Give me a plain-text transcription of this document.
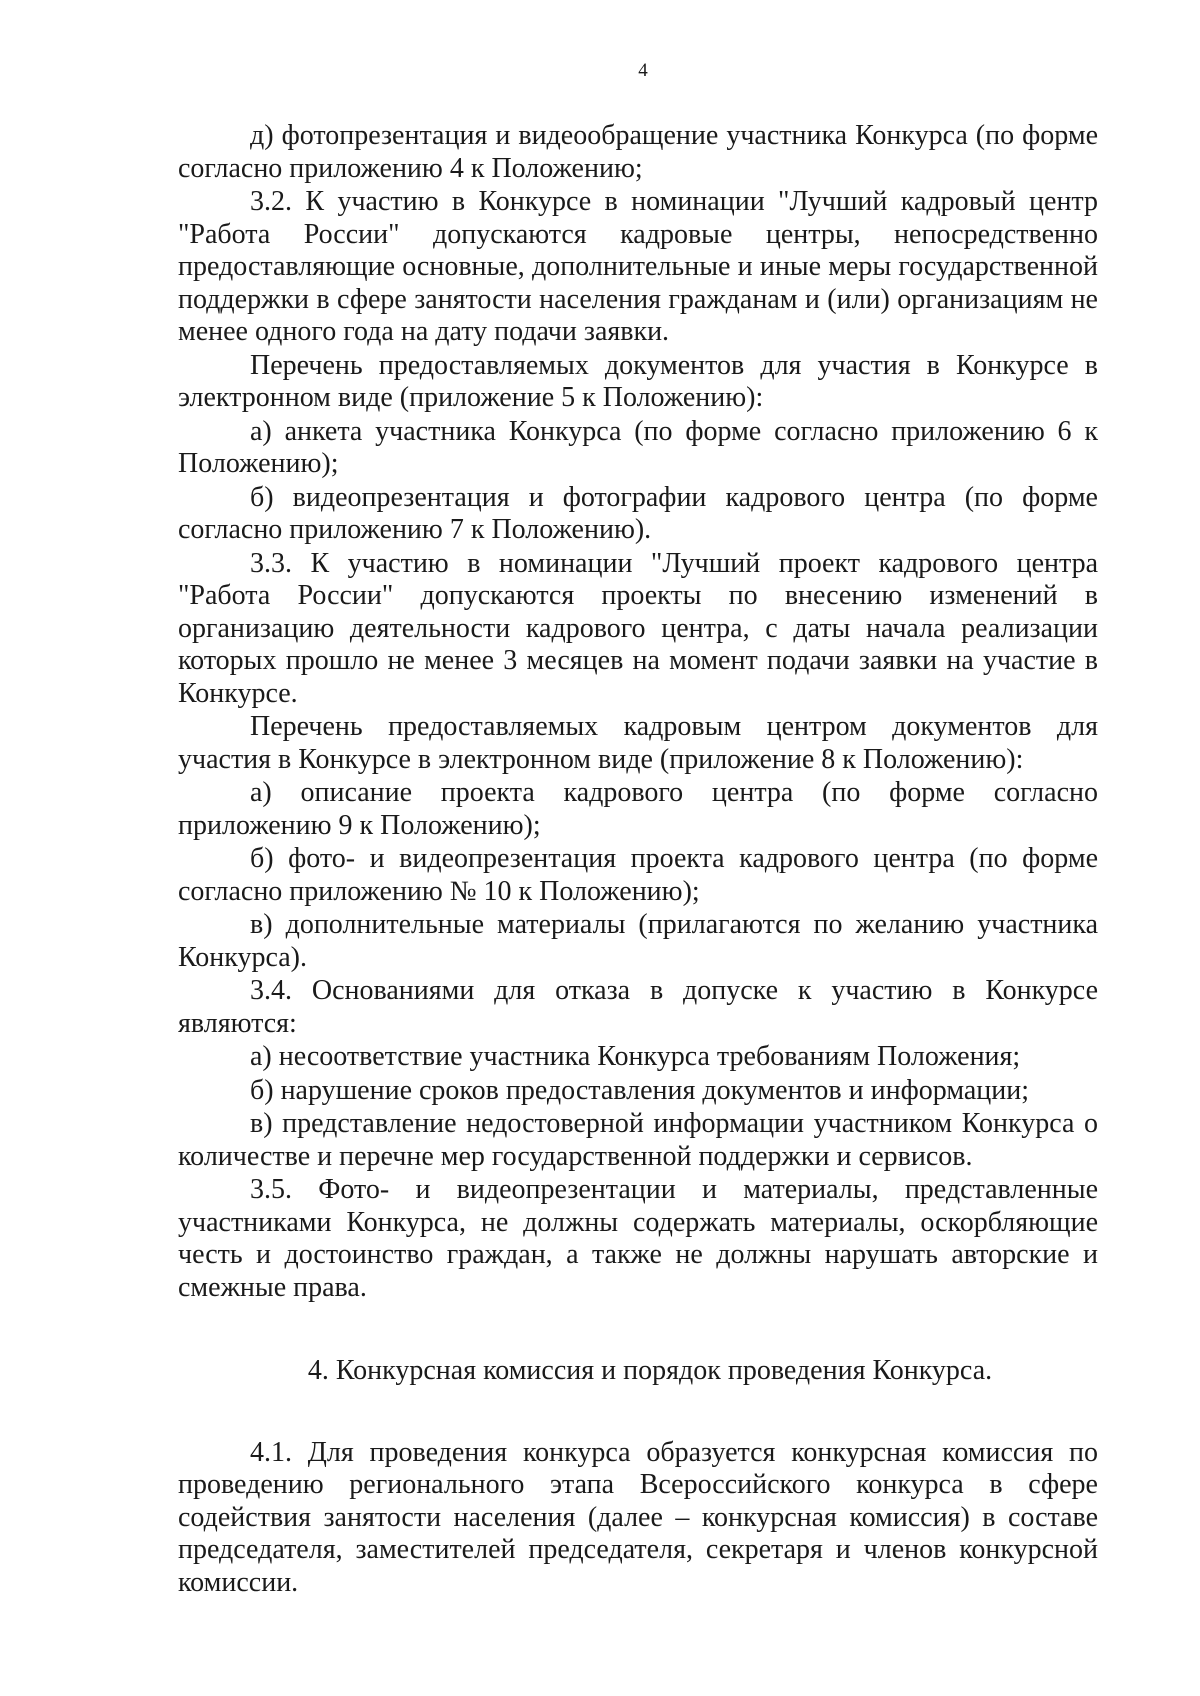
4

д) фотопрезентация и видеообращение участника Конкурса (по форме согласно приложению 4 к Положению;

3.2. К участию в Конкурсе в номинации "Лучший кадровый центр "Работа России" допускаются кадровые центры, непосредственно предоставляющие основные, дополнительные и иные меры государственной поддержки в сфере занятости населения гражданам и (или) организациям не менее одного года на дату подачи заявки.

Перечень предоставляемых документов для участия в Конкурсе в электронном виде (приложение 5 к Положению):

а) анкета участника Конкурса (по форме согласно приложению 6 к Положению);

б) видеопрезентация и фотографии кадрового центра (по форме согласно приложению 7 к Положению).

3.3. К участию в номинации "Лучший проект кадрового центра "Работа России" допускаются проекты по внесению изменений в организацию деятельности кадрового центра, с даты начала реализации которых прошло не менее 3 месяцев на момент подачи заявки на участие в Конкурсе.

Перечень предоставляемых кадровым центром документов для участия в Конкурсе в электронном виде (приложение 8 к Положению):

а) описание проекта кадрового центра (по форме согласно приложению 9 к Положению);

б) фото- и видеопрезентация проекта кадрового центра (по форме согласно приложению № 10 к Положению);

в) дополнительные материалы (прилагаются по желанию участника Конкурса).

3.4. Основаниями для отказа в допуске к участию в Конкурсе являются:

а) несоответствие участника Конкурса требованиям Положения;

б) нарушение сроков предоставления документов и информации;

в) представление недостоверной информации участником Конкурса о количестве и перечне мер государственной поддержки и сервисов.

3.5. Фото- и видеопрезентации и материалы, представленные участниками Конкурса, не должны содержать материалы, оскорбляющие честь и достоинство граждан, а также не должны нарушать авторские и смежные права.

4. Конкурсная комиссия и порядок проведения Конкурса.

4.1. Для проведения конкурса образуется конкурсная комиссия по проведению регионального этапа Всероссийского конкурса в сфере содействия занятости населения (далее – конкурсная комиссия) в составе председателя, заместителей председателя, секретаря и членов конкурсной комиссии.
